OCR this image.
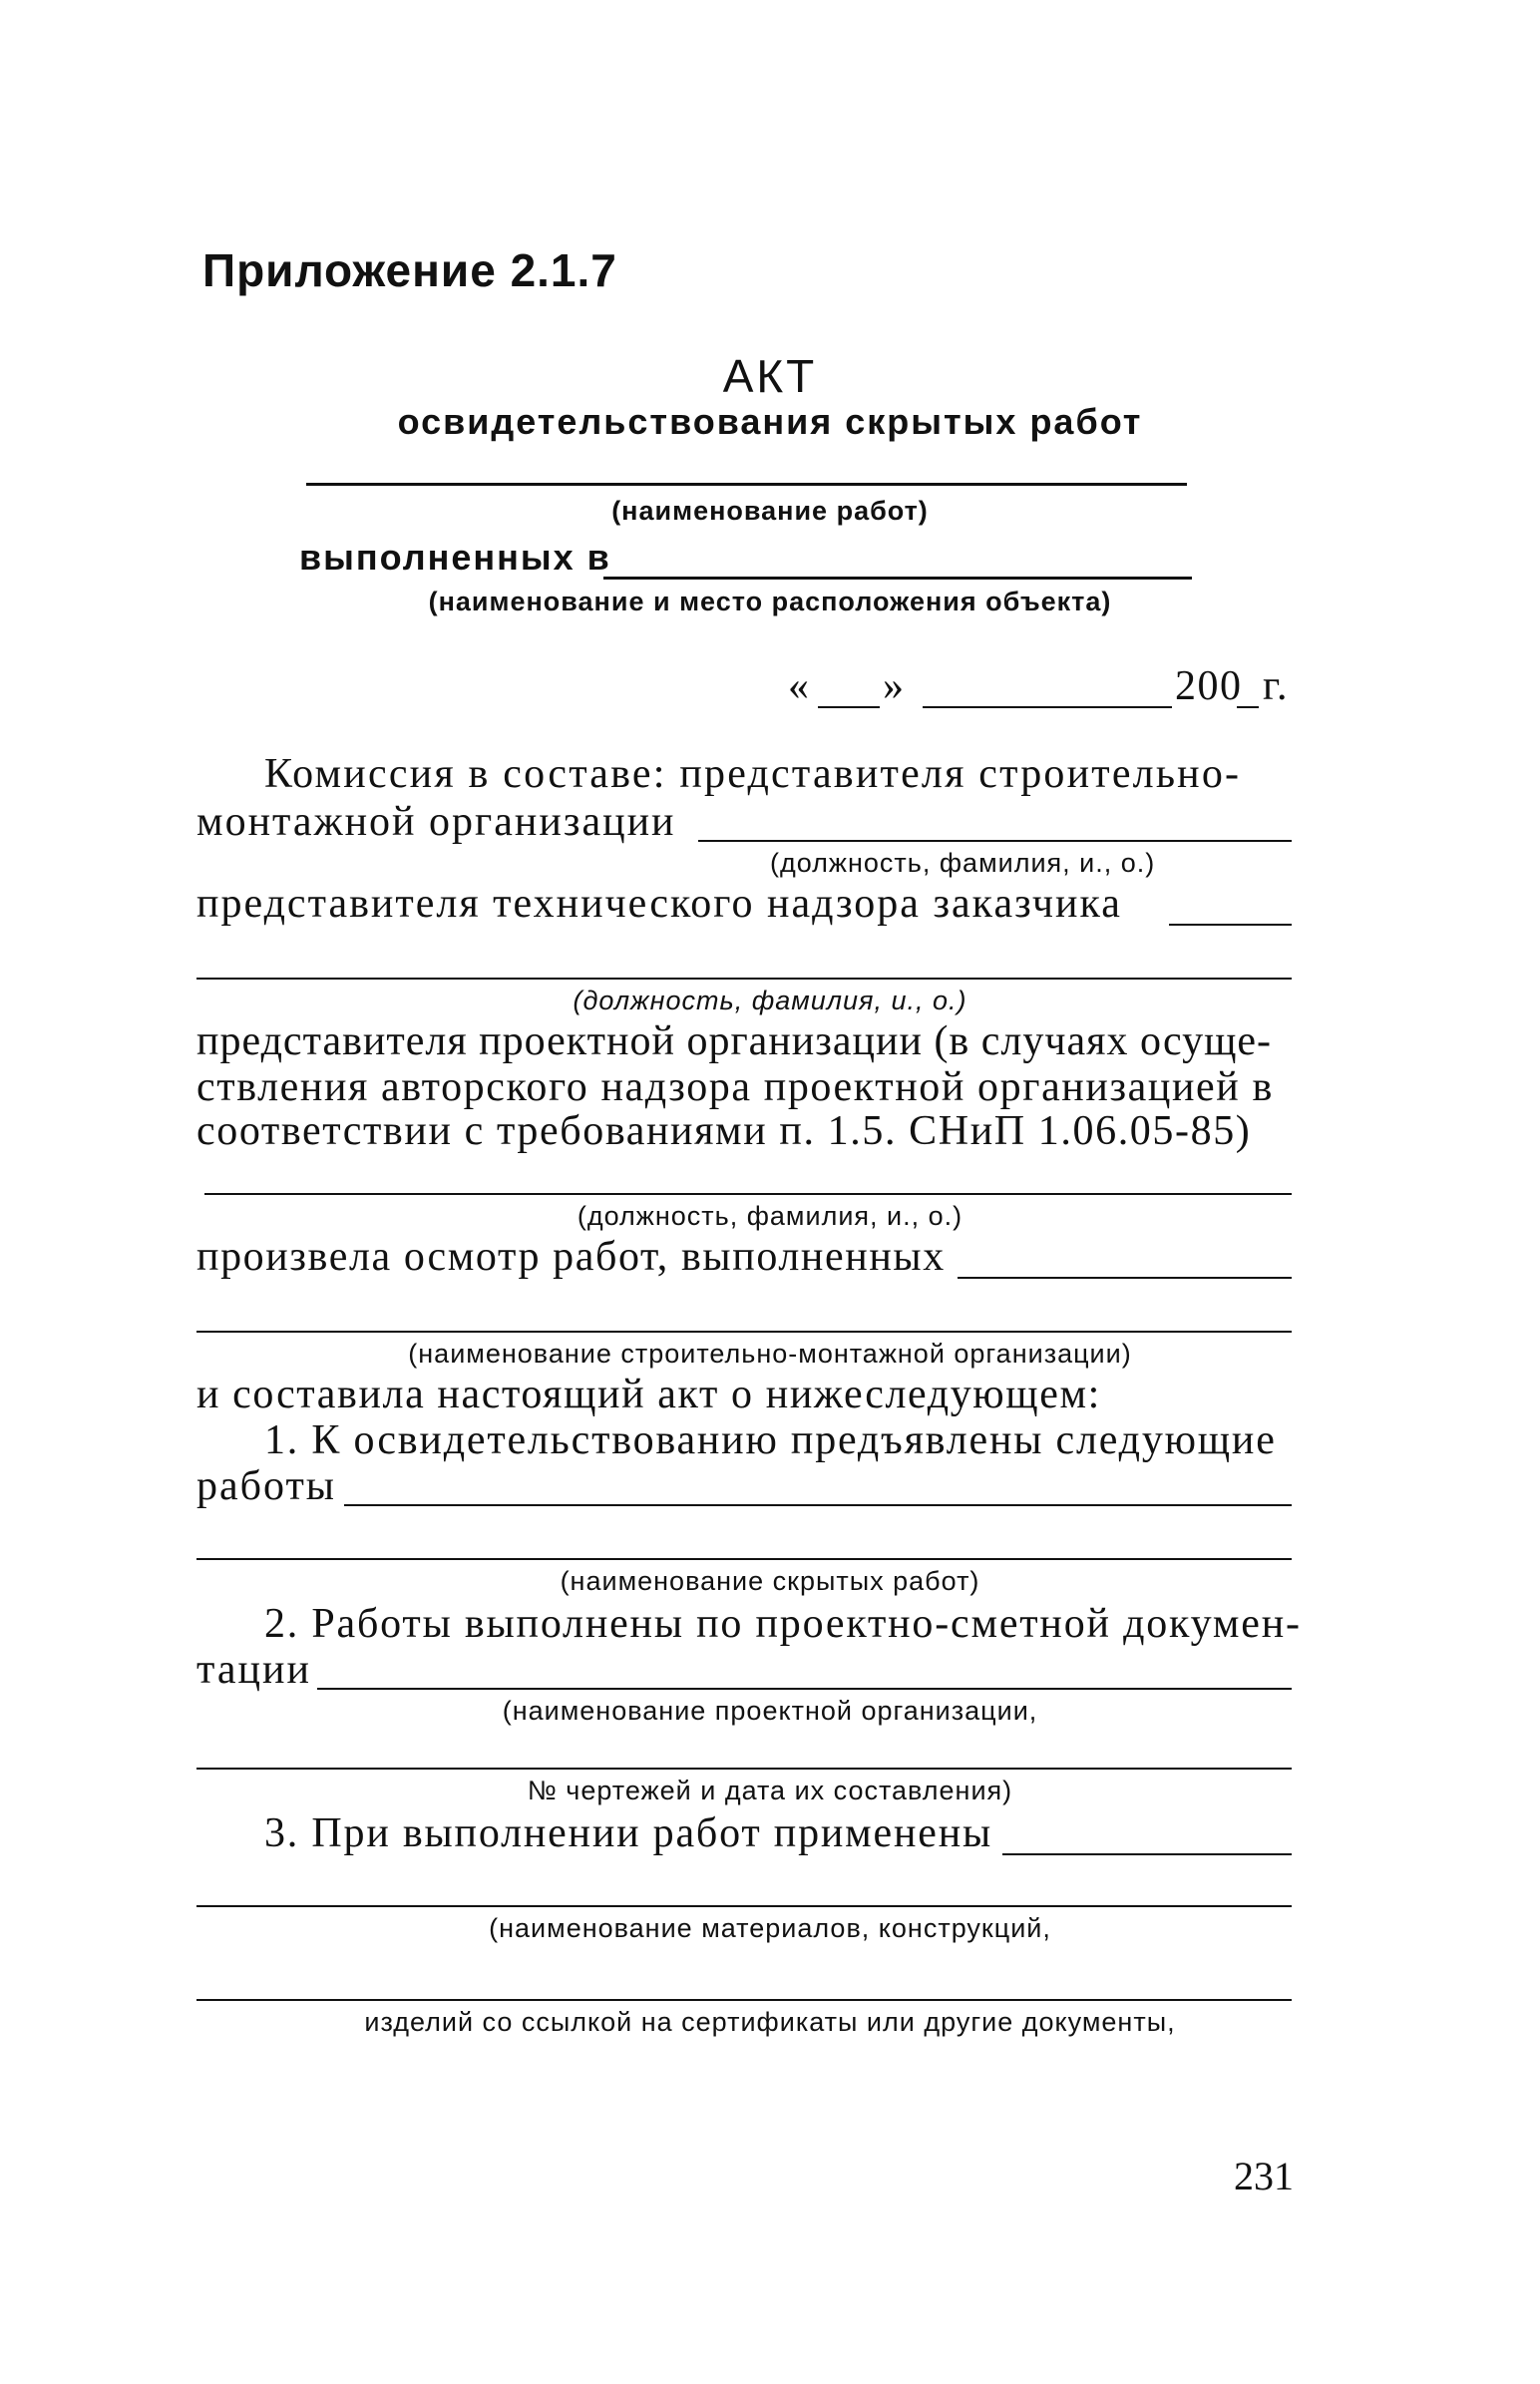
Приложение 2.1.7
АКТ
освидетельствования скрытых работ
(наименование работ)
выполненных в
(наименование и место расположения объекта)
« »	200 г.
Комиссия в составе: представителя строительно-
монтажной организации
(должность, фамилия, и., о.)
представителя технического надзора заказчика
(должность, фамилия, и., о.)
представителя проектной организации (в случаях осуще-
ствления авторского надзора проектной организацией в
соответствии с требованиями п. 1.5. СНиП 1.06.05-85)
(должность, фамилия, и., о.)
произвела осмотр работ, выполненных
(наименование строительно-монтажной организации)
и составила настоящий акт о нижеследующем:
1. К освидетельствованию предъявлены следующие
работы
(наименование скрытых работ)
2. Работы выполнены по проектно-сметной докумен-
тации
(наименование проектной организации,
№ чертежей и дата их составления)
3. При выполнении работ применены
(наименование материалов, конструкций,
изделий со ссылкой на сертификаты или другие документы,
231
